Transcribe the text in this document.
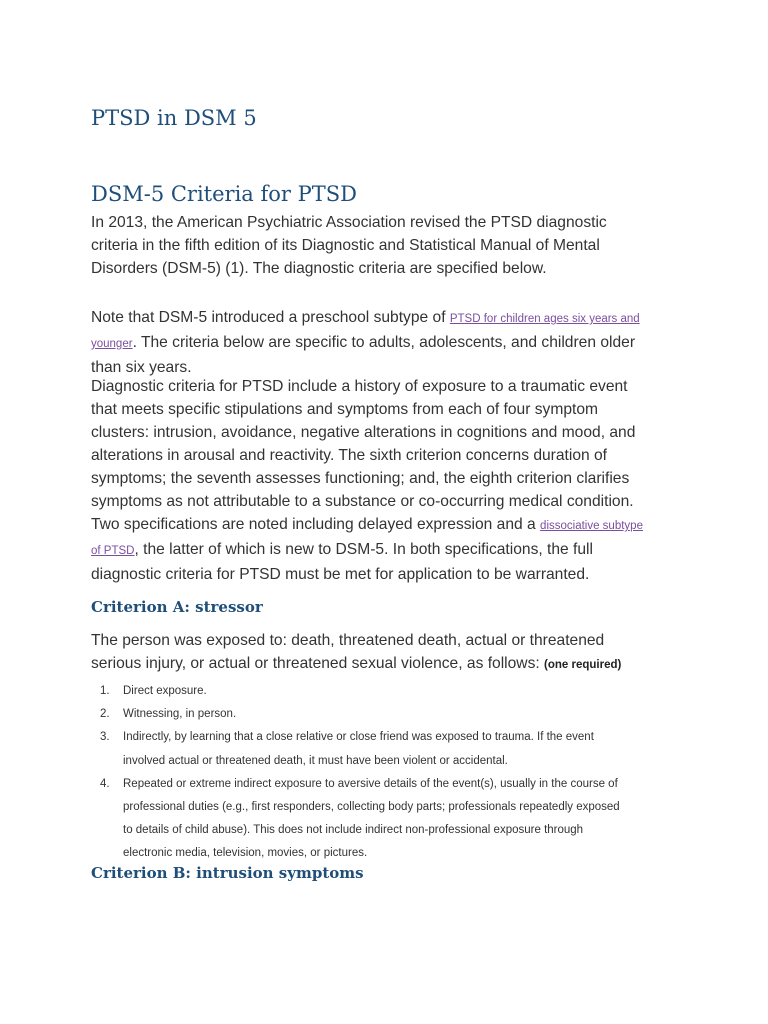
PTSD in DSM 5
DSM-5 Criteria for PTSD
In 2013, the American Psychiatric Association revised the PTSD diagnostic
criteria in the fifth edition of its Diagnostic and Statistical Manual of Mental
Disorders (DSM-5) (1). The diagnostic criteria are specified below.
Note that DSM-5 introduced a preschool subtype of PTSD for children ages six years and
younger. The criteria below are specific to adults, adolescents, and children older
than six years.
Diagnostic criteria for PTSD include a history of exposure to a traumatic event
that meets specific stipulations and symptoms from each of four symptom
clusters: intrusion, avoidance, negative alterations in cognitions and mood, and
alterations in arousal and reactivity. The sixth criterion concerns duration of
symptoms; the seventh assesses functioning; and, the eighth criterion clarifies
symptoms as not attributable to a substance or co-occurring medical condition.
Two specifications are noted including delayed expression and a dissociative subtype
of PTSD, the latter of which is new to DSM-5. In both specifications, the full
diagnostic criteria for PTSD must be met for application to be warranted.
Criterion A: stressor
The person was exposed to: death, threatened death, actual or threatened
serious injury, or actual or threatened sexual violence, as follows: (one required)
1. Direct exposure.
2. Witnessing, in person.
3. Indirectly, by learning that a close relative or close friend was exposed to trauma. If the event
involved actual or threatened death, it must have been violent or accidental.
4. Repeated or extreme indirect exposure to aversive details of the event(s), usually in the course of
professional duties (e.g., first responders, collecting body parts; professionals repeatedly exposed
to details of child abuse). This does not include indirect non-professional exposure through
electronic media, television, movies, or pictures.
Criterion B: intrusion symptoms
